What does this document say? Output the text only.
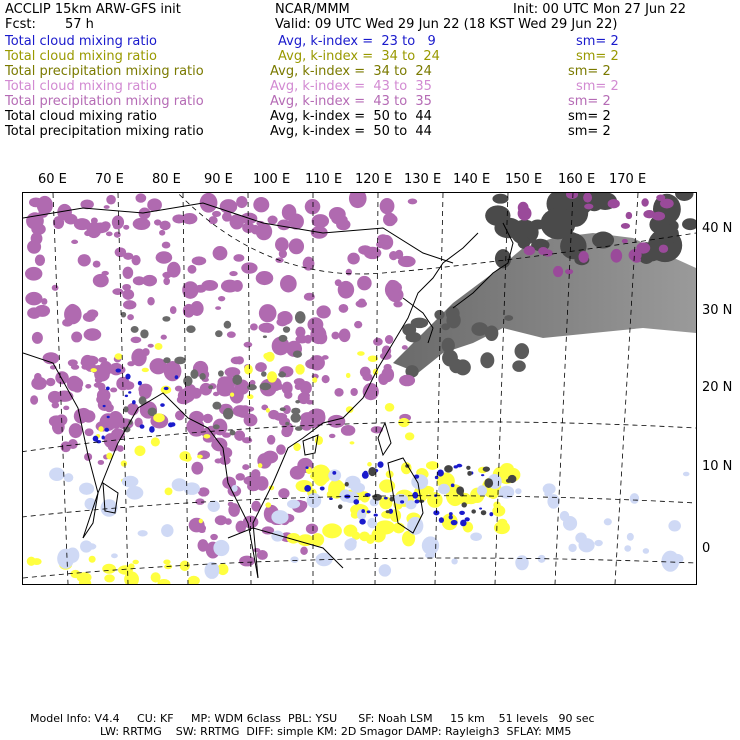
ACCLIP 15km ARW-GFS init	NCAR/MMM	Init: 00 UTC Mon 27 Jun 22
Fcst: 57 h	Valid: 09 UTC Wed 29 Jun 22 (18 KST Wed 29 Jun 22)
Total cloud mixing ratio	Avg, k-index =  23 to   9	sm= 2
Total cloud mixing ratio	Avg, k-index =  34 to  24	sm= 2
Total precipitation mixing ratio	Avg, k-index =  34 to  24	sm= 2
Total cloud mixing ratio	Avg, k-index =  43 to  35	sm= 2
Total precipitation mixing ratio	Avg, k-index =  43 to  35	sm= 2
Total cloud mixing ratio	Avg, k-index =  50 to  44	sm= 2
Total precipitation mixing ratio	Avg, k-index =  50 to  44	sm= 2
60 E 70 E 80 E 90 E 100 E 110 E 120 E 130 E 140 E 150 E 160 E 170 E
40 N
30 N
20 N
10 N
0
Model Info: V4.4     CU: KF     MP: WDM 6class  PBL: YSU      SF: Noah LSM     15 km    51 levels   90 sec
LW: RRTMG    SW: RRTMG  DIFF: simple KM: 2D Smagor DAMP: Rayleigh3  SFLAY: MM5
